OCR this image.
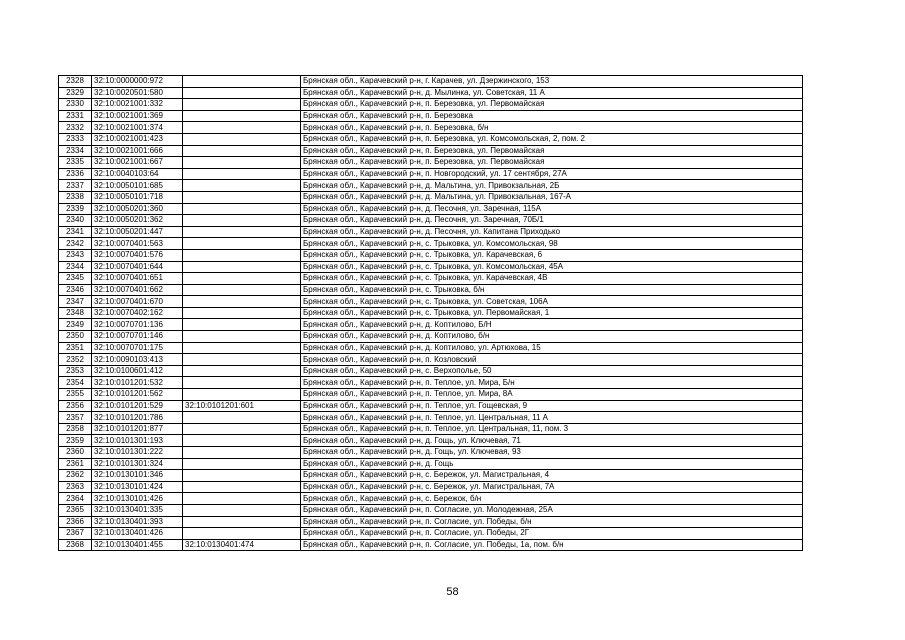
2328	32:10:0000000:972		Брянская обл., Карачевский р-н, г. Карачев, ул. Дзержинского, 153
2329	32:10:0020501:580		Брянская обл., Карачевский р-н, д. Мылинка, ул. Советская, 11 А
2330	32:10:0021001:332		Брянская обл., Карачевский р-н, п. Березовка, ул. Первомайская
2331	32:10:0021001:369		Брянская обл., Карачевский р-н, п. Березовка
2332	32:10:0021001:374		Брянская обл., Карачевский р-н, п. Березовка, б/н
2333	32:10:0021001:423		Брянская обл., Карачевский р-н, п. Березовка, ул. Комсомольская, 2, пом. 2
2334	32:10:0021001:666		Брянская обл., Карачевский р-н, п. Березовка, ул. Первомайская
2335	32:10:0021001:667		Брянская обл., Карачевский р-н, п. Березовка, ул. Первомайская
2336	32:10:0040103:64		Брянская обл., Карачевский р-н, п. Новгородский, ул. 17 сентября, 27А
2337	32:10:0050101:685		Брянская обл., Карачевский р-н, д. Мальтина, ул. Привокзальная, 2Б
2338	32:10:0050101:718		Брянская обл., Карачевский р-н, д. Мальтина, ул. Привокзальная, 167-А
2339	32:10:0050201:360		Брянская обл., Карачевский р-н, д. Песочня, ул. Заречная, 115А
2340	32:10:0050201:362		Брянская обл., Карачевский р-н, д. Песочня, ул. Заречная, 70Б/1
2341	32:10:0050201:447		Брянская обл., Карачевский р-н, д. Песочня, ул. Капитана Приходько
2342	32:10:0070401:563		Брянская обл., Карачевский р-н, с. Трыковка, ул. Комсомольская, 98
2343	32:10:0070401:576		Брянская обл., Карачевский р-н, с. Трыковка, ул. Карачевская, 6
2344	32:10:0070401:644		Брянская обл., Карачевский р-н, с. Трыковка, ул. Комсомольская, 45А
2345	32:10:0070401:651		Брянская обл., Карачевский р-н, с. Трыковка, ул. Карачевская, 4В
2346	32:10:0070401:662		Брянская обл., Карачевский р-н, с. Трыковка, б/н
2347	32:10:0070401:670		Брянская обл., Карачевский р-н, с. Трыковка, ул. Советская, 106А
2348	32:10:0070402:162		Брянская обл., Карачевский р-н, с. Трыковка, ул. Первомайская, 1
2349	32:10:0070701:136		Брянская обл., Карачевский р-н, д. Коптилово, Б/Н
2350	32:10:0070701:146		Брянская обл., Карачевский р-н, д. Коптилово, б/н
2351	32:10:0070701:175		Брянская обл., Карачевский р-н, д. Коптилово, ул. Артюхова, 15
2352	32:10:0090103:413		Брянская обл., Карачевский р-н, п. Козловский
2353	32:10:0100601:412		Брянская обл., Карачевский р-н, с. Верхополье, 50
2354	32:10:0101201:532		Брянская обл., Карачевский р-н, п. Теплое, ул. Мира, Б/н
2355	32:10:0101201:562		Брянская обл., Карачевский р-н, п. Теплое, ул. Мира, 8А
2356	32:10:0101201:529	32:10:0101201:601	Брянская обл., Карачевский р-н, п. Теплое, ул. Гощевская, 9
2357	32:10:0101201:786		Брянская обл., Карачевский р-н, п. Теплое, ул. Центральная, 11 А
2358	32:10:0101201:877		Брянская обл., Карачевский р-н, п. Теплое, ул. Центральная, 11, пом. 3
2359	32:10:0101301:193		Брянская обл., Карачевский р-н, д. Гощь, ул. Ключевая, 71
2360	32:10:0101301:222		Брянская обл., Карачевский р-н, д. Гощь, ул. Ключевая, 93
2361	32:10:0101301:324		Брянская обл., Карачевский р-н, д. Гощь
2362	32:10:0130101:346		Брянская обл., Карачевский р-н, с. Бережок, ул. Магистральная, 4
2363	32:10:0130101:424		Брянская обл., Карачевский р-н, с. Бережок, ул. Магистральная, 7А
2364	32:10:0130101:426		Брянская обл., Карачевский р-н, с. Бережок, б/н
2365	32:10:0130401:335		Брянская обл., Карачевский р-н, п. Согласие, ул. Молодежная, 25А
2366	32:10:0130401:393		Брянская обл., Карачевский р-н, п. Согласие, ул. Победы, б/н
2367	32:10:0130401:426		Брянская обл., Карачевский р-н, п. Согласие, ул. Победы, 2Г
2368	32:10:0130401:455	32:10:0130401:474	Брянская обл., Карачевский р-н, п. Согласие, ул. Победы, 1а, пом. б/н
58
